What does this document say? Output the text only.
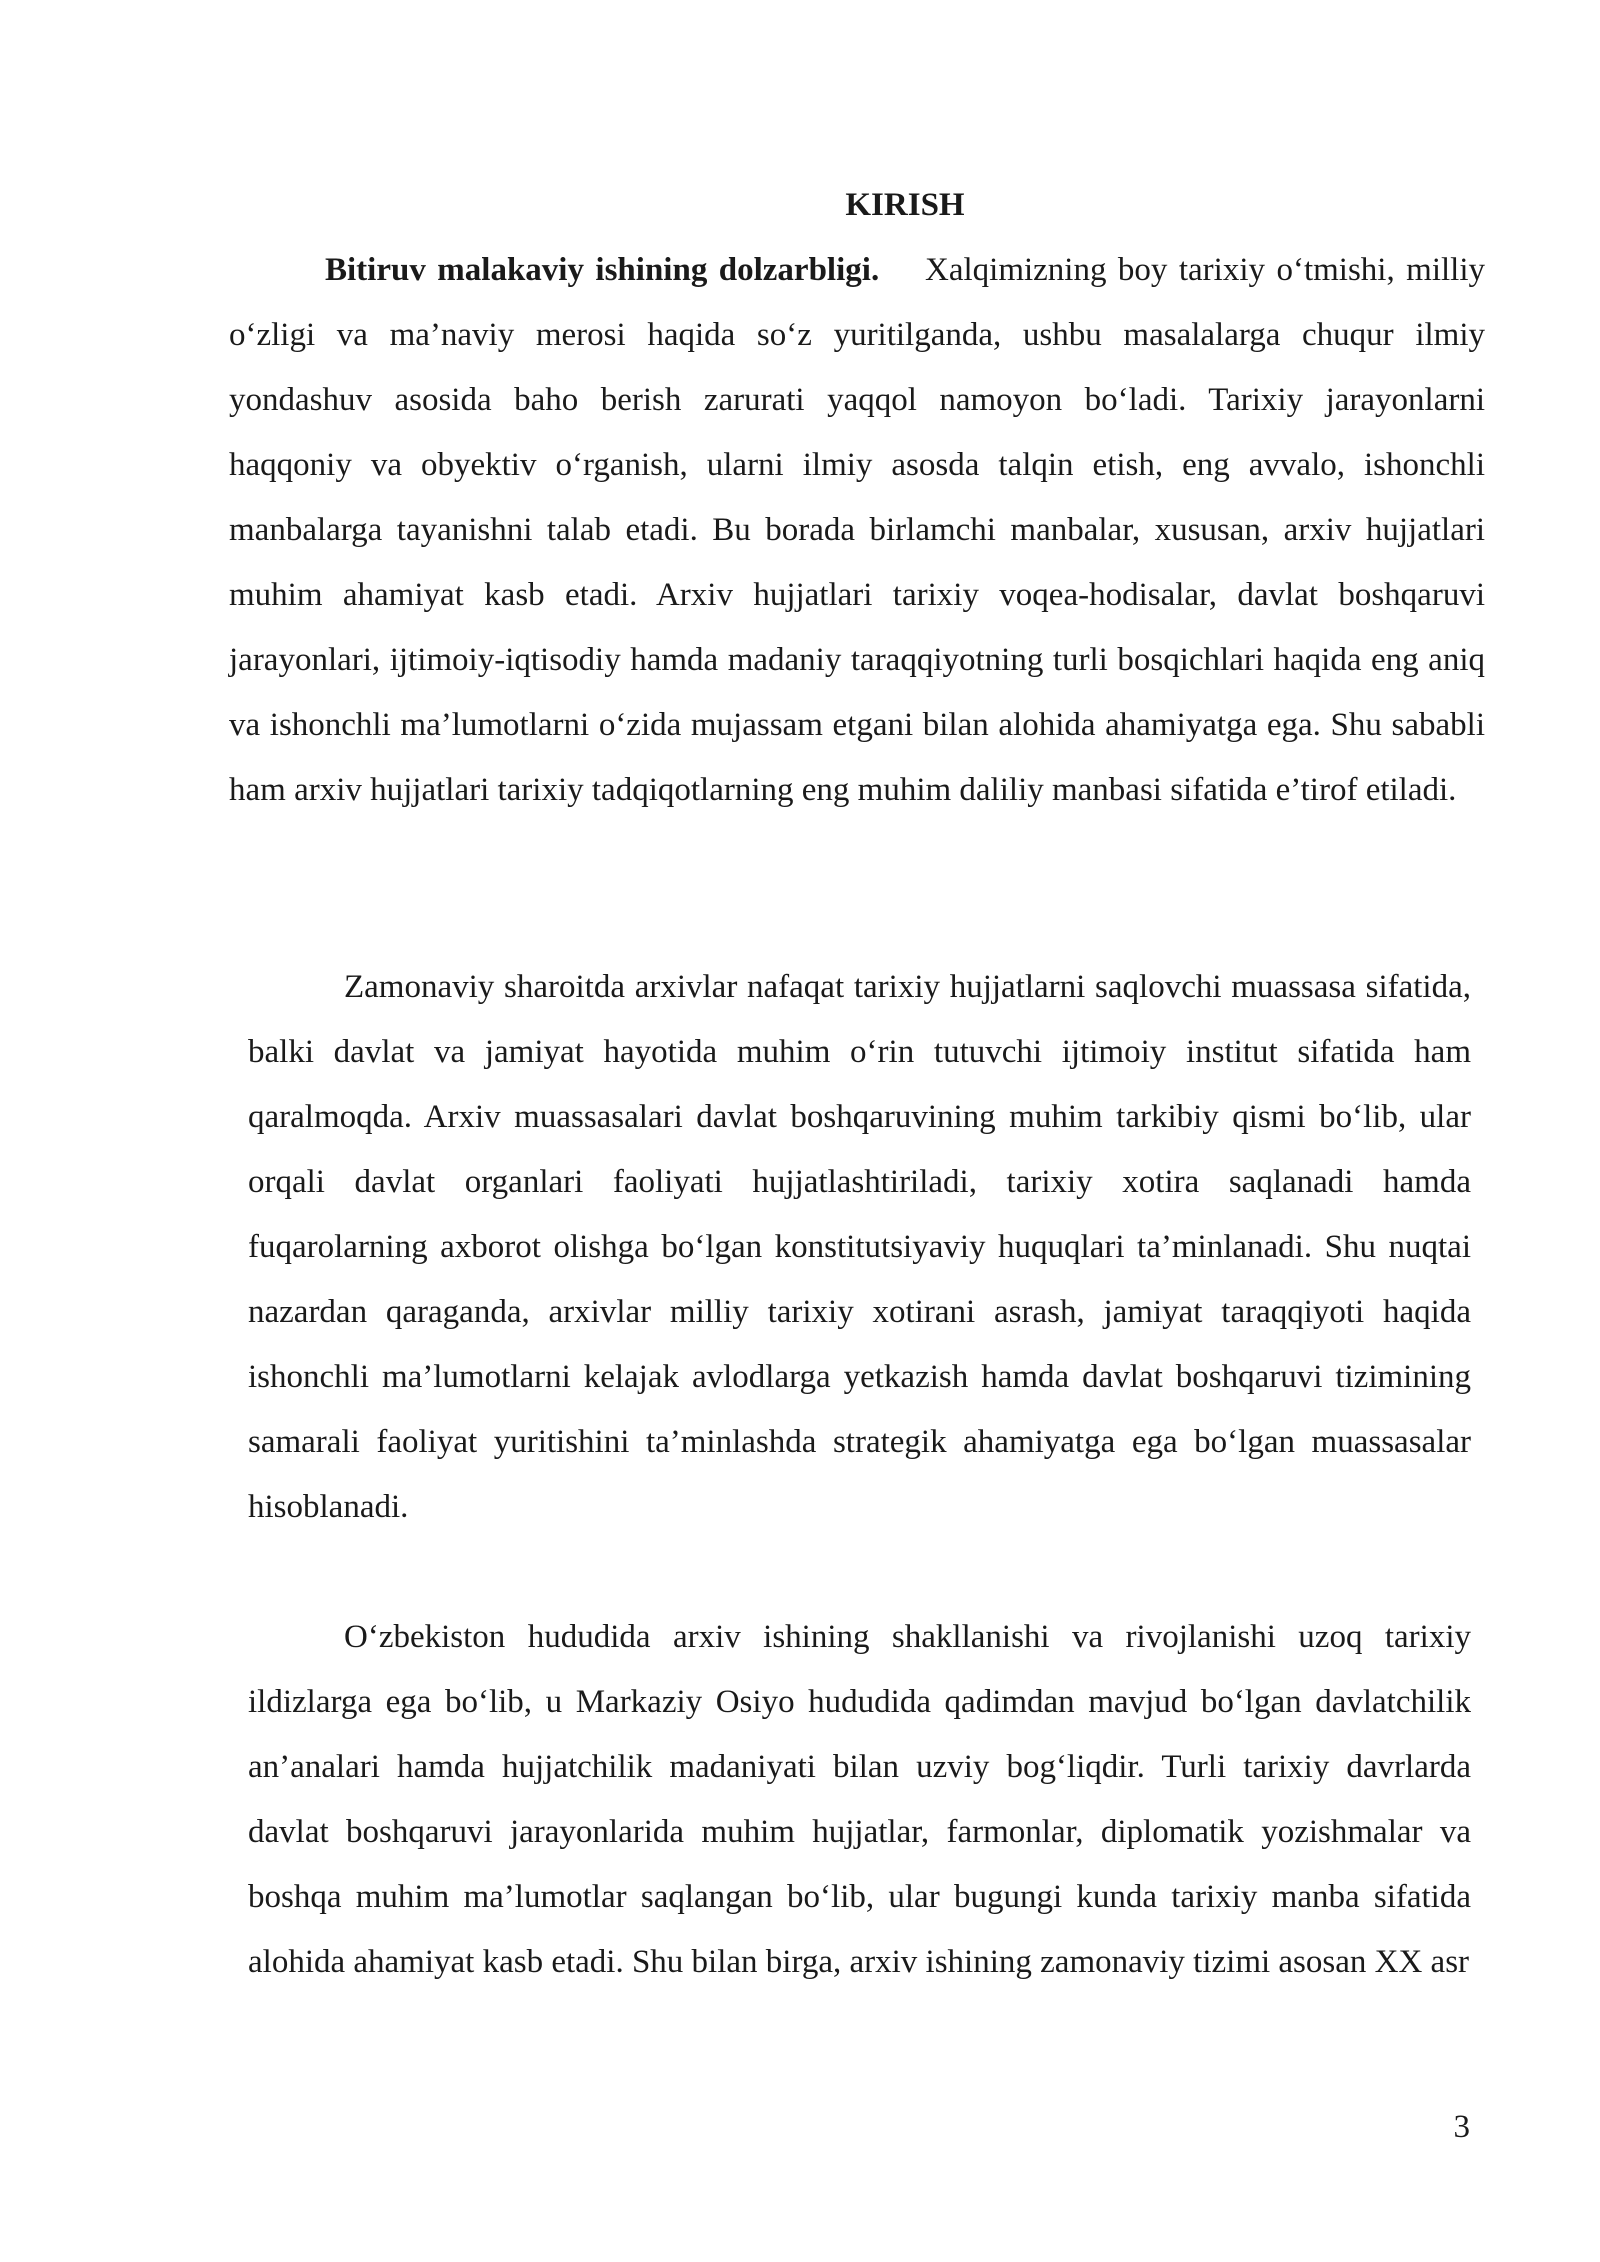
KIRISH

Bitiruv malakaviy ishining dolzarbligi. Xalqimizning boy tarixiy o‘tmishi, milliy o‘zligi va ma’naviy merosi haqida so‘z yuritilganda, ushbu masalalarga chuqur ilmiy yondashuv asosida baho berish zarurati yaqqol namoyon bo‘ladi. Tarixiy jarayonlarni haqqoniy va obyektiv o‘rganish, ularni ilmiy asosda talqin etish, eng avvalo, ishonchli manbalarga tayanishni talab etadi. Bu borada birlamchi manbalar, xususan, arxiv hujjatlari muhim ahamiyat kasb etadi. Arxiv hujjatlari tarixiy voqea-hodisalar, davlat boshqaruvi jarayonlari, ijtimoiy-iqtisodiy hamda madaniy taraqqiyotning turli bosqichlari haqida eng aniq va ishonchli ma’lumotlarni o‘zida mujassam etgani bilan alohida ahamiyatga ega. Shu sababli ham arxiv hujjatlari tarixiy tadqiqotlarning eng muhim daliliy manbasi sifatida e’tirof etiladi.

Zamonaviy sharoitda arxivlar nafaqat tarixiy hujjatlarni saqlovchi muassasa sifatida, balki davlat va jamiyat hayotida muhim o‘rin tutuvchi ijtimoiy institut sifatida ham qaralmoqda. Arxiv muassasalari davlat boshqaruvining muhim tarkibiy qismi bo‘lib, ular orqali davlat organlari faoliyati hujjatlashtiriladi, tarixiy xotira saqlanadi hamda fuqarolarning axborot olishga bo‘lgan konstitutsiyaviy huquqlari ta’minlanadi. Shu nuqtai nazardan qaraganda, arxivlar milliy tarixiy xotirani asrash, jamiyat taraqqiyoti haqida ishonchli ma’lumotlarni kelajak avlodlarga yetkazish hamda davlat boshqaruvi tizimining samarali faoliyat yuritishini ta’minlashda strategik ahamiyatga ega bo‘lgan muassasalar hisoblanadi.

O‘zbekiston hududida arxiv ishining shakllanishi va rivojlanishi uzoq tarixiy ildizlarga ega bo‘lib, u Markaziy Osiyo hududida qadimdan mavjud bo‘lgan davlatchilik an’analari hamda hujjatchilik madaniyati bilan uzviy bog‘liqdir. Turli tarixiy davrlarda davlat boshqaruvi jarayonlarida muhim hujjatlar, farmonlar, diplomatik yozishmalar va boshqa muhim ma’lumotlar saqlangan bo‘lib, ular bugungi kunda tarixiy manba sifatida alohida ahamiyat kasb etadi. Shu bilan birga, arxiv ishining zamonaviy tizimi asosan XX asr

3
